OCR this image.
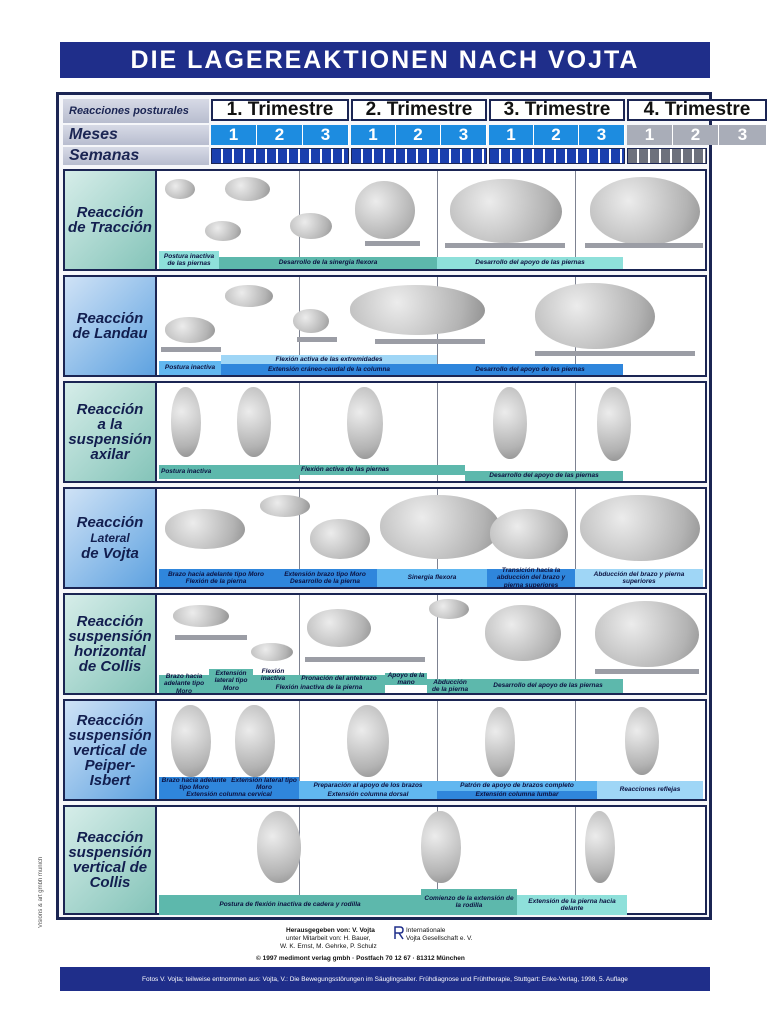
DIE LAGEREAKTIONEN NACH VOJTA
Reacciones posturales
Meses
Semanas
1. Trimestre	2. Trimestre	3. Trimestre	4. Trimestre
1	2	3	1	2	3	1	2	3	1	2	3
Reacción
de Tracción
Postura inactiva de las piernas	Desarrollo de la sinergia flexora	Desarrollo del apoyo de las piernas
Reacción
de Landau
Postura inactiva
Flexión activa de las extremidades
Extensión cráneo-caudal de la columna	Desarrollo del apoyo de las piernas
Reacción
a la
suspensión
axilar
Postura inactiva	Flexión activa de las piernas
Desarrollo del apoyo de las piernas
Reacción
Lateral
de Vojta
Brazo hacia adelante tipo Moro Flexión de la pierna
Extensión brazo tipo Moro Desarrollo de la pierna
Sinergia flexora
Transición hacia la abducción del brazo y pierna superiores
Abducción del brazo y pierna superiores
Reacción
suspensión
horizontal
de Collis
Brazo hacia adelante tipo Moro
Extensión lateral tipo Moro
Flexión inactiva	Pronación del antebrazo
Apoyo de la mano
Flexión inactiva de la pierna
Abducción de la pierna
Desarrollo del apoyo de las piernas
Reacción
suspensión
vertical de
Peiper-Isbert	Brazo hacia adelante tipo Moro
Extensión lateral tipo Moro	Preparación al apoyo de los brazos	Patrón de apoyo de brazos completo
Extensión columna cervical	Extensión columna dorsal	Extensión columna lumbar
Reacciones reflejas
Reacción
suspensión
vertical de
Collis
Postura de flexión inactiva de cadera y rodilla
Comienzo de la extensión de la rodilla
Extensión de la pierna hacia delante
Visions & art gmbh munich
Herausgegeben von: V. Vojta
unter Mitarbeit von: H. Bauer,
W. K. Ernst, M. Gehrke, P. Schulz
Internationale
Vojta Gesellschaft e. V.
© 1997 medimont verlag gmbh · Postfach 70 12 67 · 81312 München
Fotos V. Vojta; teilweise entnommen aus: Vojta, V.: Die Bewegungsstörungen im Säuglingsalter. Frühdiagnose und Frühtherapie, Stuttgart: Enke-Verlag, 1998, 5. Auflage
